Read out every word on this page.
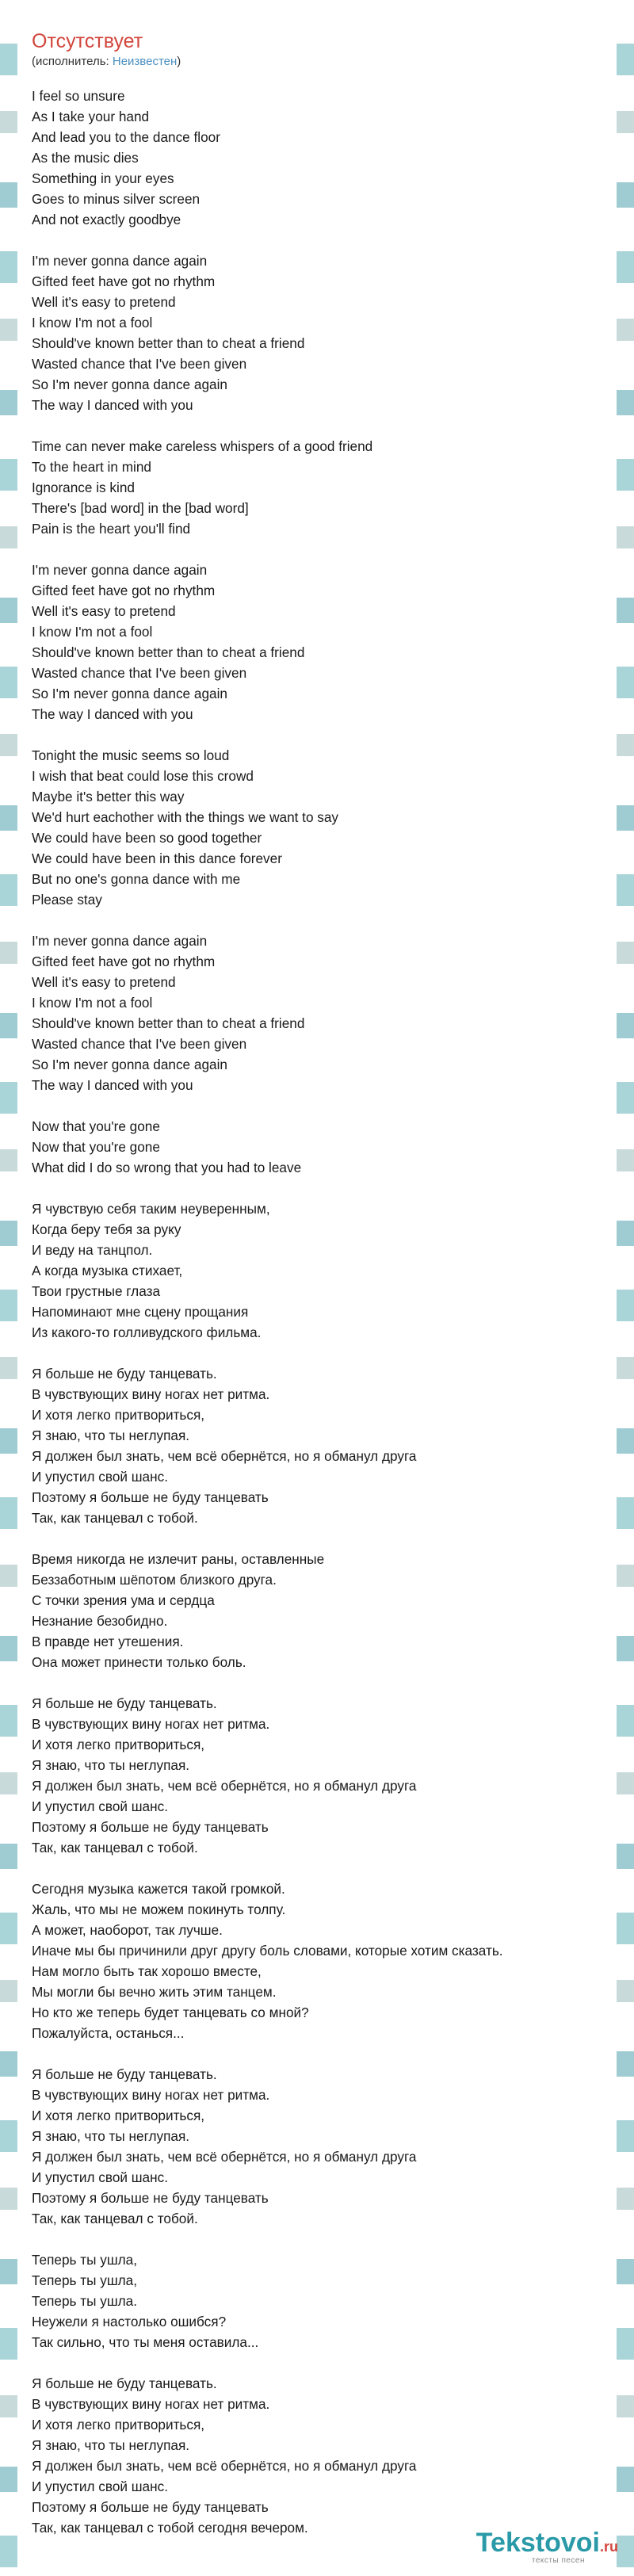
Отсутствует
(исполнитель: Неизвестен)
I feel so unsure
As I take your hand
And lead you to the dance floor
As the music dies
Something in your eyes
Goes to minus silver screen
And not exactly goodbye
I'm never gonna dance again
Gifted feet have got no rhythm
Well it's easy to pretend
I know I'm not a fool
Should've known better than to cheat a friend
Wasted chance that I've been given
So I'm never gonna dance again
The way I danced with you
Time can never make careless whispers of a good friend
To the heart in mind
Ignorance is kind
There's [bad word] in the [bad word]
Pain is the heart you'll find
I'm never gonna dance again
Gifted feet have got no rhythm
Well it's easy to pretend
I know I'm not a fool
Should've known better than to cheat a friend
Wasted chance that I've been given
So I'm never gonna dance again
The way I danced with you
Tonight the music seems so loud
I wish that beat could lose this crowd
Maybe it's better this way
We'd hurt eachother with the things we want to say
We could have been so good together
We could have been in this dance forever
But no one's gonna dance with me
Please stay
I'm never gonna dance again
Gifted feet have got no rhythm
Well it's easy to pretend
I know I'm not a fool
Should've known better than to cheat a friend
Wasted chance that I've been given
So I'm never gonna dance again
The way I danced with you
Now that you're gone
Now that you're gone
What did I do so wrong that you had to leave
Я чувствую себя таким неуверенным,
Когда беру тебя за руку
И веду на танцпол.
А когда музыка стихает,
Твои грустные глаза
Напоминают мне сцену прощания
Из какого-то голливудского фильма.
Я больше не буду танцевать.
В чувствующих вину ногах нет ритма.
И хотя легко притвориться,
Я знаю, что ты неглупая.
Я должен был знать, чем всё обернётся, но я обманул друга
И упустил свой шанс.
Поэтому я больше не буду танцевать
Так, как танцевал с тобой.
Время никогда не излечит раны, оставленные
Беззаботным шёпотом близкого друга.
С точки зрения ума и сердца
Незнание безобидно.
В правде нет утешения.
Она может принести только боль.
Я больше не буду танцевать.
В чувствующих вину ногах нет ритма.
И хотя легко притвориться,
Я знаю, что ты неглупая.
Я должен был знать, чем всё обернётся, но я обманул друга
И упустил свой шанс.
Поэтому я больше не буду танцевать
Так, как танцевал с тобой.
Сегодня музыка кажется такой громкой.
Жаль, что мы не можем покинуть толпу.
А может, наоборот, так лучше.
Иначе мы бы причинили друг другу боль словами, которые хотим сказать.
Нам могло быть так хорошо вместе,
Мы могли бы вечно жить этим танцем.
Но кто же теперь будет танцевать со мной?
Пожалуйста, останься...
Я больше не буду танцевать.
В чувствующих вину ногах нет ритма.
И хотя легко притвориться,
Я знаю, что ты неглупая.
Я должен был знать, чем всё обернётся, но я обманул друга
И упустил свой шанс.
Поэтому я больше не буду танцевать
Так, как танцевал с тобой.
Теперь ты ушла,
Теперь ты ушла,
Теперь ты ушла.
Неужели я настолько ошибся?
Так сильно, что ты меня оставила...
Я больше не буду танцевать.
В чувствующих вину ногах нет ритма.
И хотя легко притвориться,
Я знаю, что ты неглупая.
Я должен был знать, чем всё обернётся, но я обманул друга
И упустил свой шанс.
Поэтому я больше не буду танцевать
Так, как танцевал с тобой сегодня вечером.	Tekstovoi.ru
тексты песен
